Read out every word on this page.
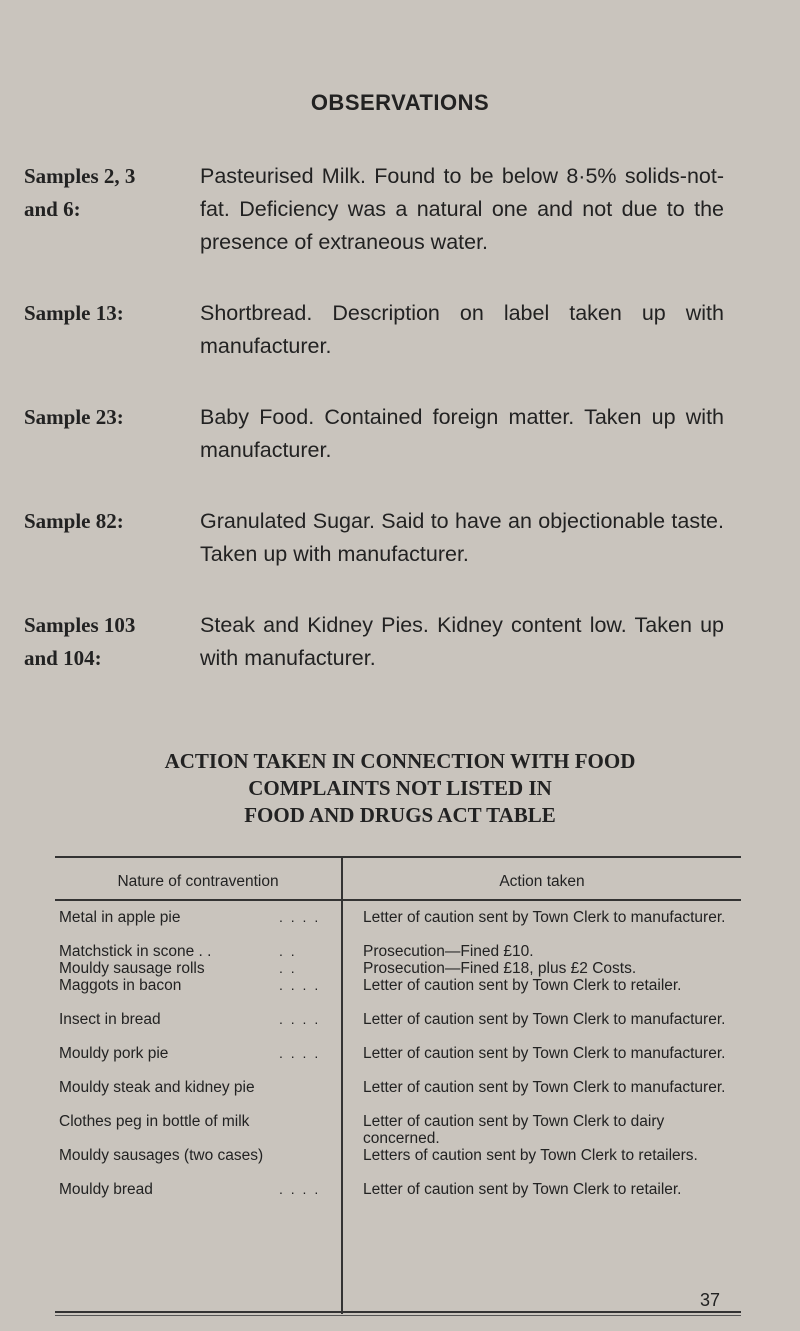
OBSERVATIONS
Samples 2, 3
and 6:
Pasteurised Milk. Found to be below 8·5% solids-not-fat. Deficiency was a natural one and not due to the presence of extraneous water.
Sample 13:	Shortbread. Description on label taken up with manufacturer.
Sample 23:	Baby Food. Contained foreign matter. Taken up with manufacturer.
Sample 82:	Granulated Sugar. Said to have an objectionable taste. Taken up with manufacturer.
Samples 103
and 104:
Steak and Kidney Pies. Kidney content low. Taken up with manufacturer.
ACTION TAKEN IN CONNECTION WITH FOOD
COMPLAINTS NOT LISTED IN
FOOD AND DRUGS ACT TABLE
Nature of contravention	Action taken
Metal in apple pie	. . . .	Letter of caution sent by Town Clerk to manufacturer.
Matchstick in scone . .	. .	Prosecution—Fined £10.
Mouldy sausage rolls	. .	Prosecution—Fined £18, plus £2 Costs.
Maggots in bacon	. . . .	Letter of caution sent by Town Clerk to retailer.
Insect in bread	. . . .	Letter of caution sent by Town Clerk to manufacturer.
Mouldy pork pie	. . . .	Letter of caution sent by Town Clerk to manufacturer.
Mouldy steak and kidney pie	Letter of caution sent by Town Clerk to manufacturer.
Clothes peg in bottle of milk	Letter of caution sent by Town Clerk to dairy concerned.
Mouldy sausages (two cases)	Letters of caution sent by Town Clerk to retailers.
Mouldy bread	. . . .	Letter of caution sent by Town Clerk to retailer.
37
